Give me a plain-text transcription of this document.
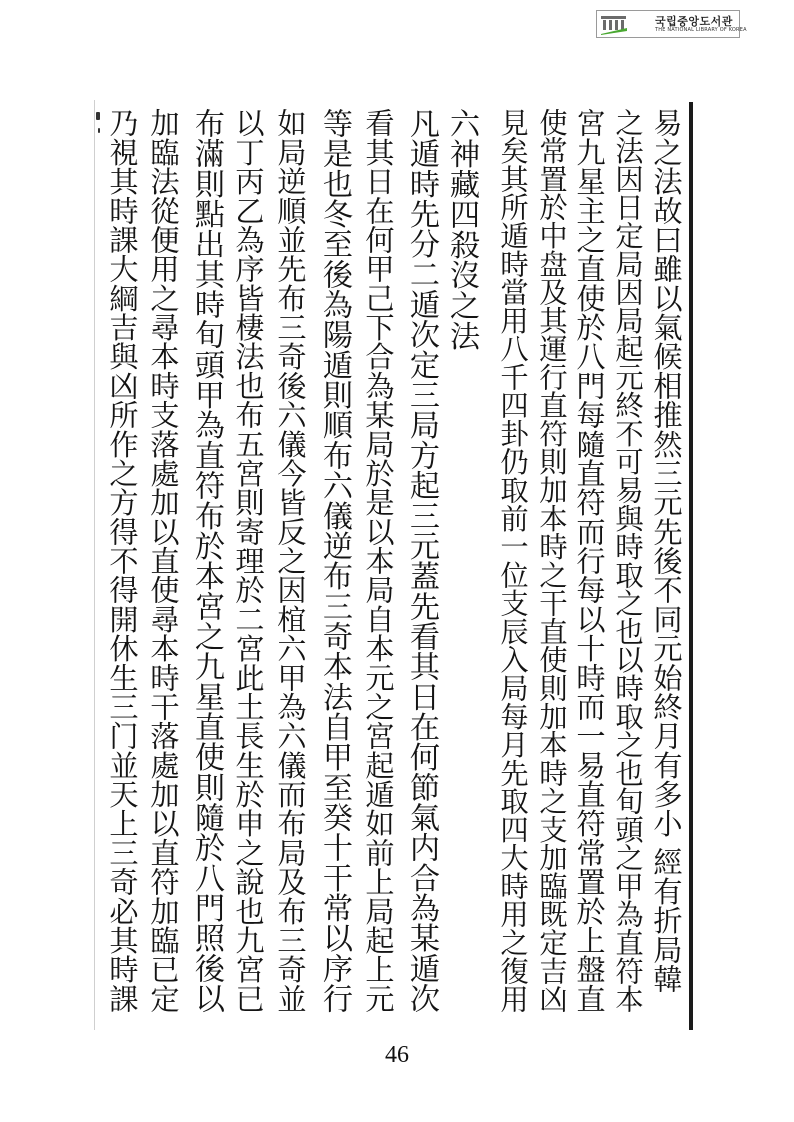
국립중앙도서관
THE NATIONAL LIBRARY OF KOREA
易之法故曰雖以氣候相推然三元先後不同元始終月有多小 經有折局韓
之法因日定局因局起元終不可易與時取之也以時取之也旬頭之甲為直符本
宮九星主之直使於八門每隨直符而行每以十時而一易直符常置於上盤直
使常置於中盘及其運行直符則加本時之干直使則加本時之支加臨既定吉凶
見矣其所遁時當用八千四卦仍取前一位支辰入局每月先取四大時用之復用
六神藏四殺沒之法
凡遁時先分二遁次定三局方起三元蓋先看其日在何節氣内合為某遁次
看其日在何甲己下合為某局於是以本局自本元之宮起遁如前上局起上元
等是也冬至後為陽遁則順布六儀逆布三奇本法自甲至癸十干常以序行
如局逆順並先布三奇後六儀今皆反之因椬六甲為六儀而布局及布三奇並
以丁丙乙為序皆棲法也布五宮則寄理於二宮此土長生於申之說也九宮已
布滿則點出其時旬頭甲為直符布於本宮之九星直使則隨於八門照後以
加臨法從便用之尋本時支落處加以直使尋本時干落處加以直符加臨已定
乃視其時課大綱吉與凶所作之方得不得開休生三门並天上三奇必其時課
46
